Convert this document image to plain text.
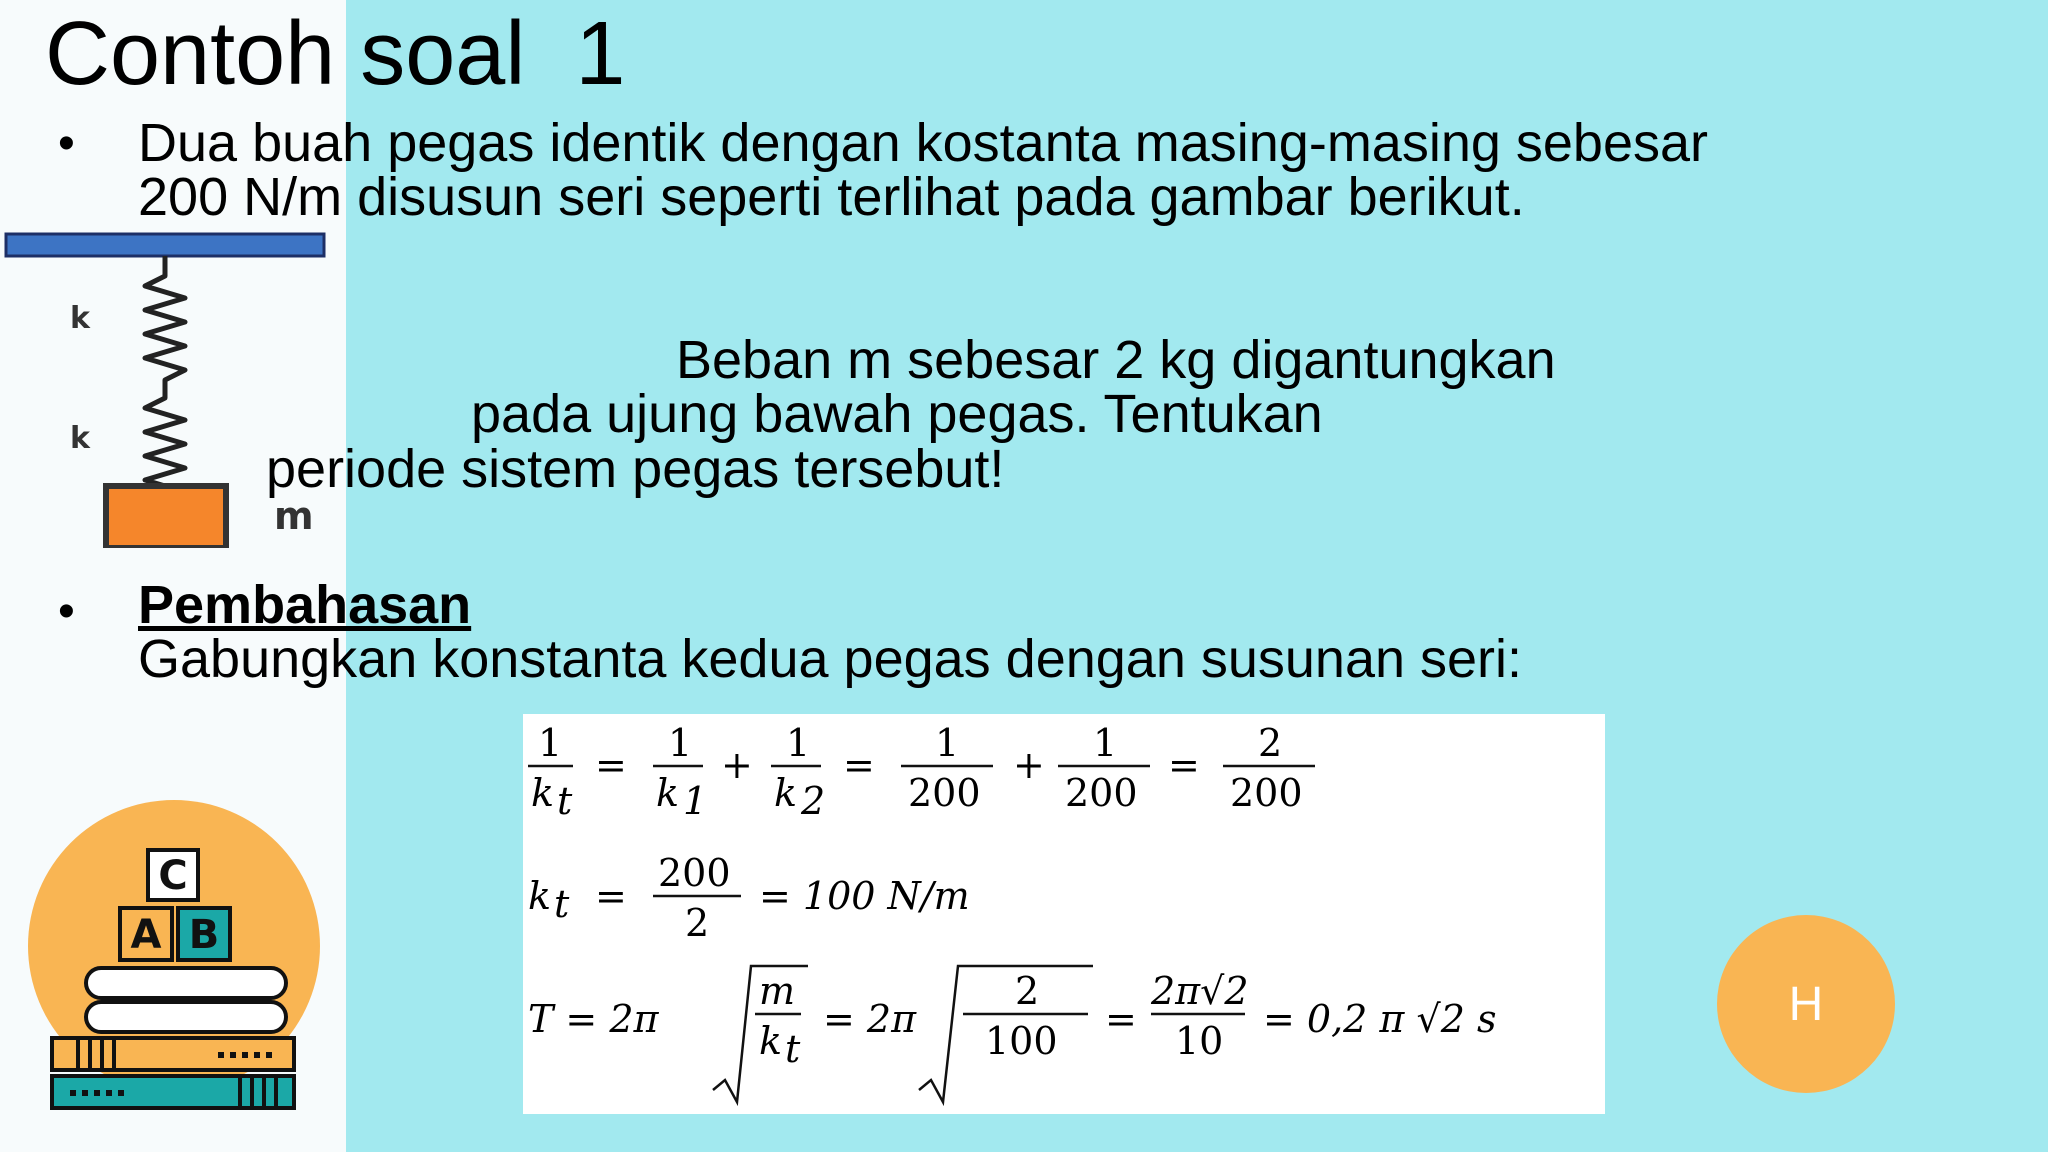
Contoh soal  1
• Dua buah pegas identik dengan kostanta masing-masing sebesar
200 N/m disusun seri seperti terlihat pada gambar berikut.
Beban m sebesar 2 kg digantungkan
pada ujung bawah pegas. Tentukan
periode sistem pegas tersebut!
k
k
m
• Pembahasan
Gabungkan konstanta kedua pegas dengan susunan seri:
1
k t
= 1
k 1
+ 1
k 2
= 1
200
+ 1
200
= 2
200
k t =
200
2
= 100 N/m
T = 2π
m
k t
= 2π
2
100 =
2π√2
10 = 0,2 π √2 s
C
A B
H
